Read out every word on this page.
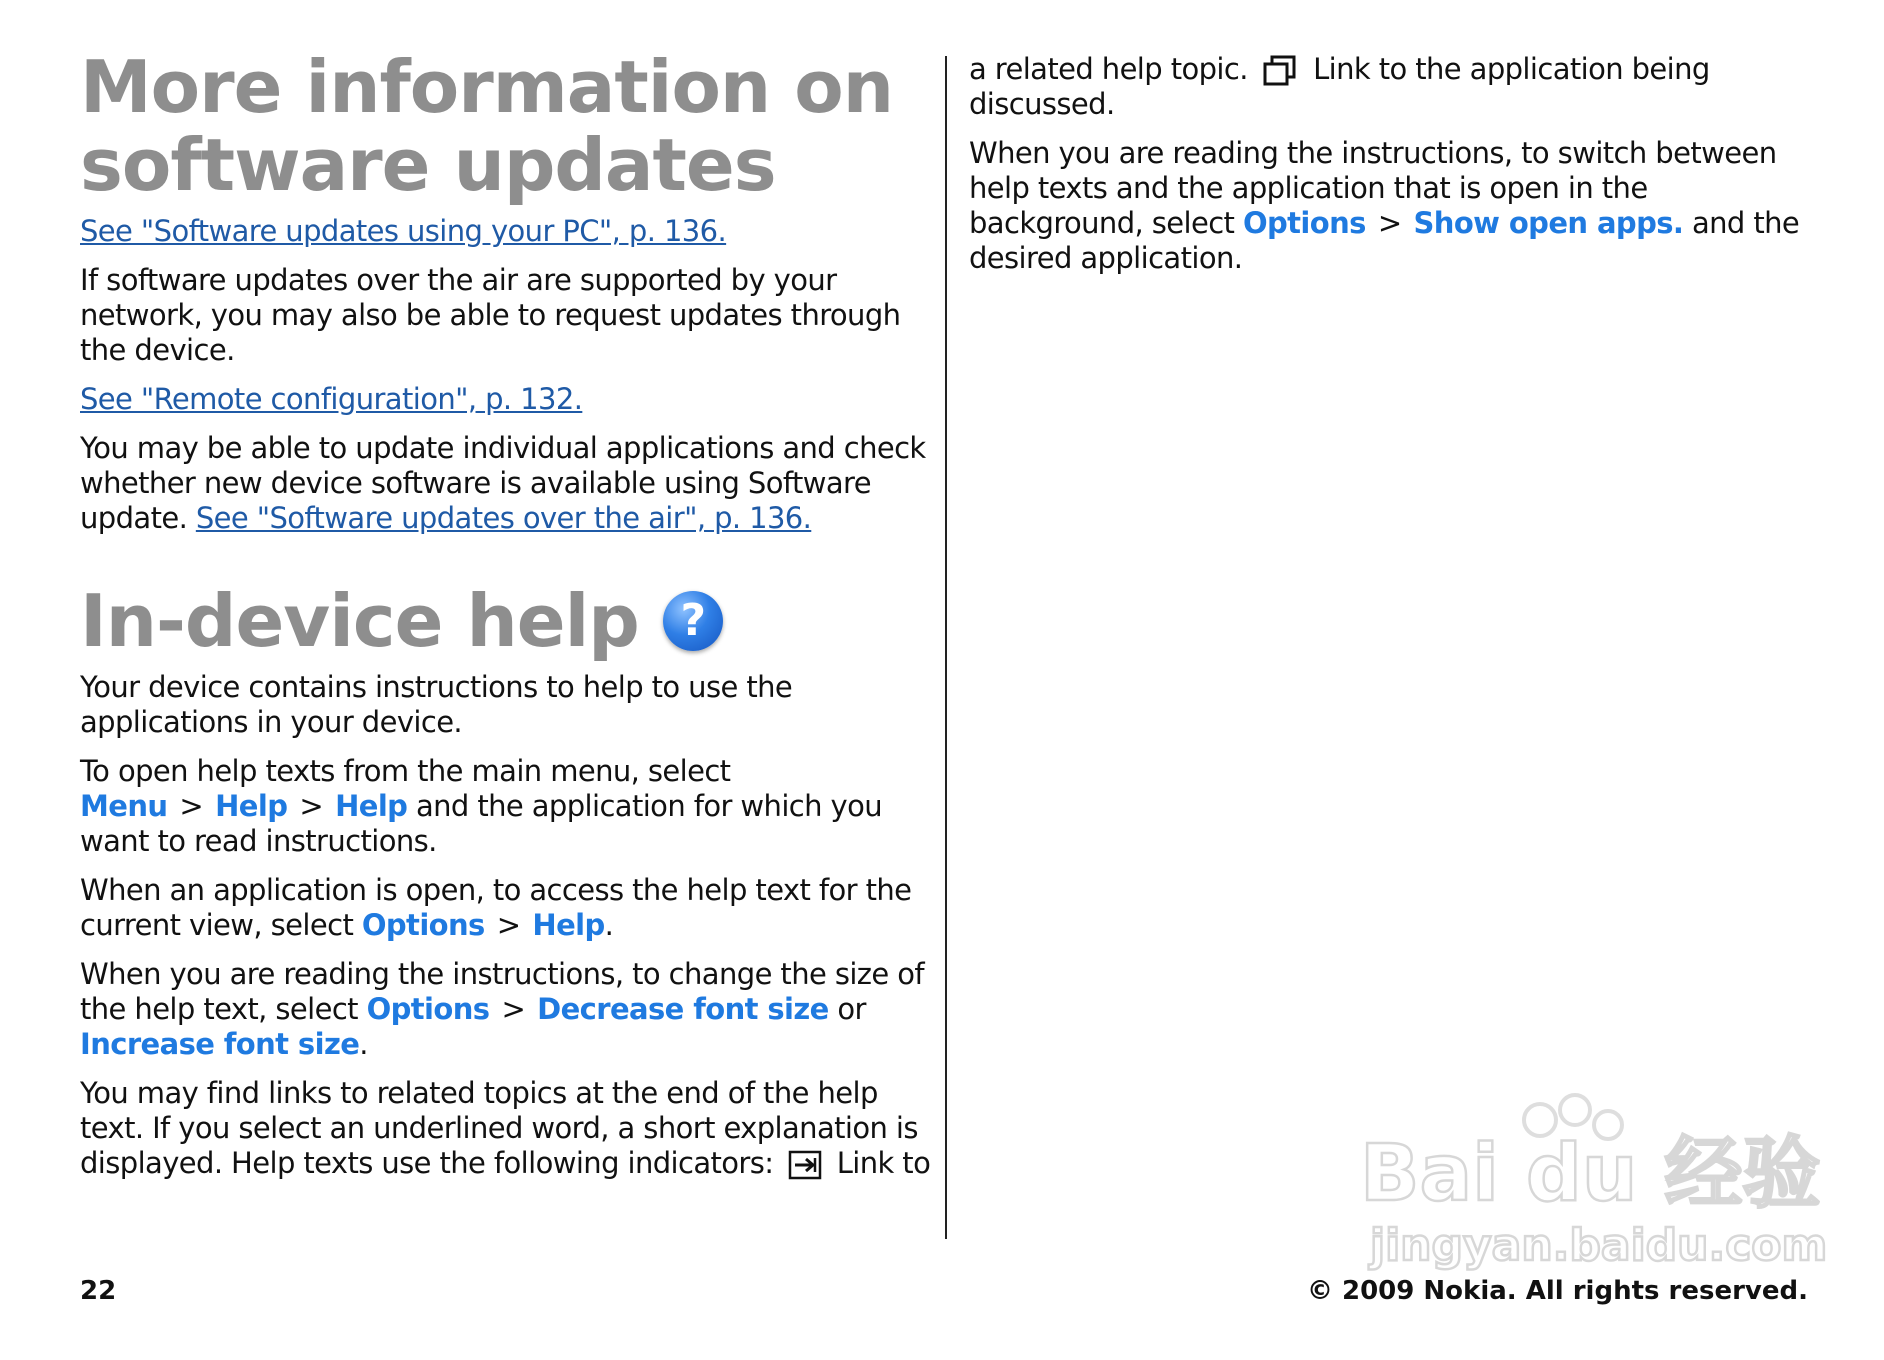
More information on
software updates

See "Software updates using your PC", p. 136.

If software updates over the air are supported by your network, you may also be able to request updates through the device.

See "Remote configuration", p. 132.

You may be able to update individual applications and check whether new device software is available using Software update. See "Software updates over the air", p. 136.

In-device help ?

Your device contains instructions to help to use the applications in your device.

To open help texts from the main menu, select Menu > Help > Help and the application for which you want to read instructions.

When an application is open, to access the help text for the current view, select Options > Help.

When you are reading the instructions, to change the size of the help text, select Options > Decrease font size or Increase font size.

You may find links to related topics at the end of the help text. If you select an underlined word, a short explanation is displayed. Help texts use the following indicators: Link to

a related help topic. Link to the application being discussed.

When you are reading the instructions, to switch between help texts and the application that is open in the background, select Options > Show open apps. and the desired application.

Bai du 经验
jingyan.baidu.com
22	© 2009 Nokia. All rights reserved.
